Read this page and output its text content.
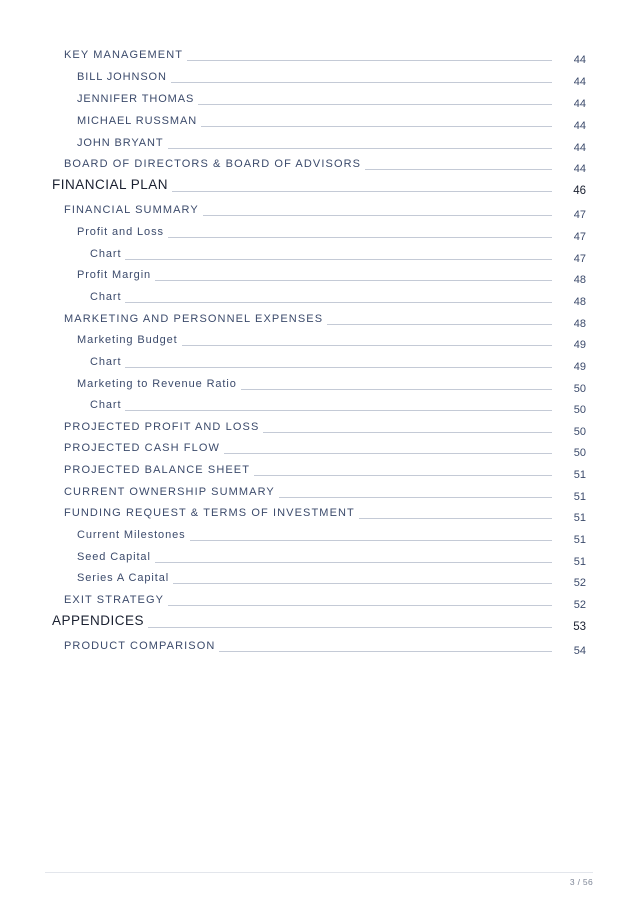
KEY MANAGEMENT	44
BILL JOHNSON	44
JENNIFER THOMAS	44
MICHAEL RUSSMAN	44
JOHN BRYANT	44
BOARD OF DIRECTORS & BOARD OF ADVISORS	44
FINANCIAL PLAN	46
FINANCIAL SUMMARY	47
Profit and Loss	47
Chart	47
Profit Margin	48
Chart	48
MARKETING AND PERSONNEL EXPENSES	48
Marketing Budget	49
Chart	49
Marketing to Revenue Ratio	50
Chart	50
PROJECTED PROFIT AND LOSS	50
PROJECTED CASH FLOW	50
PROJECTED BALANCE SHEET	51
CURRENT OWNERSHIP SUMMARY	51
FUNDING REQUEST & TERMS OF INVESTMENT	51
Current Milestones	51
Seed Capital	51
Series A Capital	52
EXIT STRATEGY	52
APPENDICES	53
PRODUCT COMPARISON	54
3 / 56
